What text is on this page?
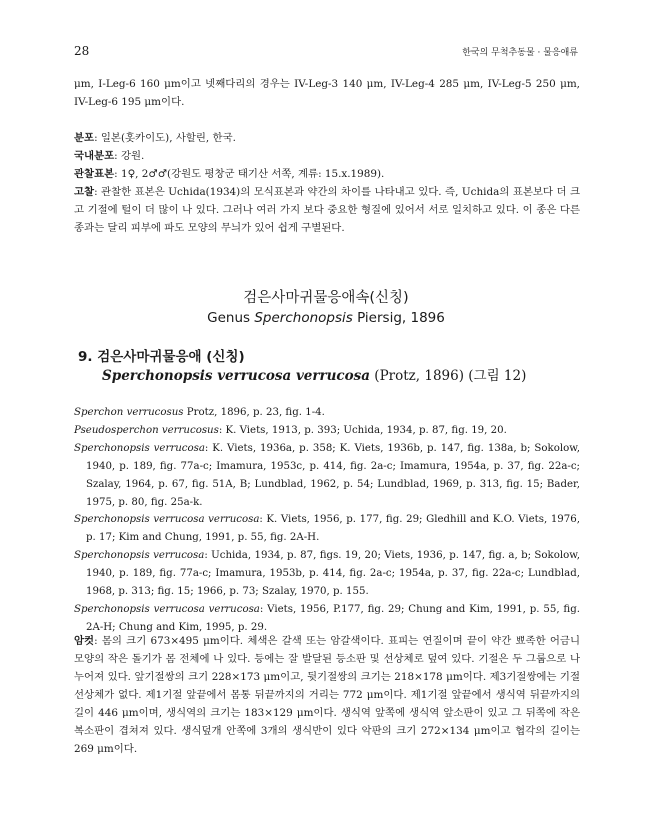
28	한국의 무척추동물 · 물응애류

μm, I-Leg-6 160 μm이고 넷째다리의 경우는 IV-Leg-3 140 μm, IV-Leg-4 285 μm, IV-Leg-5 250 μm, IV-Leg-6 195 μm이다.

분포: 일본(홋카이도), 사할린, 한국.

국내분포: 강원.

관찰표본: 1♀, 2♂♂(강원도 평창군 태기산 서쪽, 계류: 15.x.1989).

고찰: 관찰한 표본은 Uchida(1934)의 모식표본과 약간의 차이를 나타내고 있다. 즉, Uchida의 표본보다 더 크고 기절에 털이 더 많이 나 있다. 그러나 여러 가지 보다 중요한 형질에 있어서 서로 일치하고 있다. 이 종은 다른 종과는 달리 피부에 파도 모양의 무늬가 있어 쉽게 구별된다.

검은사마귀물응애속(신칭)
Genus Sperchonopsis Piersig, 1896
9. 검은사마귀물응애 (신칭)
Sperchonopsis verrucosa verrucosa (Protz, 1896) (그림 12)

Sperchon verrucosus Protz, 1896, p. 23, fig. 1-4.

Pseudosperchon verrucosus: K. Viets, 1913, p. 393; Uchida, 1934, p. 87, fig. 19, 20.

Sperchonopsis verrucosa: K. Viets, 1936a, p. 358; K. Viets, 1936b, p. 147, fig. 138a, b; Sokolow, 1940, p. 189, fig. 77a-c; Imamura, 1953c, p. 414, fig. 2a-c; Imamura, 1954a, p. 37, fig. 22a-c; Szalay, 1964, p. 67, fig. 51A, B; Lundblad, 1962, p. 54; Lundblad, 1969, p. 313, fig. 15; Bader, 1975, p. 80, fig. 25a-k.

Sperchonopsis verrucosa verrucosa: K. Viets, 1956, p. 177, fig. 29; Gledhill and K.O. Viets, 1976, p. 17; Kim and Chung, 1991, p. 55, fig. 2A-H.

Sperchonopsis verrucosa: Uchida, 1934, p. 87, figs. 19, 20; Viets, 1936, p. 147, fig. a, b; Sokolow, 1940, p. 189, fig. 77a-c; Imamura, 1953b, p. 414, fig. 2a-c; 1954a, p. 37, fig. 22a-c; Lundblad, 1968, p. 313; fig. 15; 1966, p. 73; Szalay, 1970, p. 155.

Sperchonopsis verrucosa verrucosa: Viets, 1956, P.177, fig. 29; Chung and Kim, 1991, p. 55, fig. 2A-H; Chung and Kim, 1995, p. 29.

암컷: 몸의 크기 673×495 μm이다. 체색은 갈색 또는 암갈색이다. 표피는 연질이며 끝이 약간 뾰족한 어금니 모양의 작은 돌기가 몸 전체에 나 있다. 등에는 잘 발달된 등소판 및 선상체로 덮여 있다. 기절은 두 그룹으로 나누어져 있다. 앞기절쌍의 크기 228×173 μm이고, 뒷기절쌍의 크기는 218×178 μm이다. 제3기절쌍에는 기절선상체가 없다. 제1기절 앞끝에서 몸통 뒤끝까지의 거리는 772 μm이다. 제1기절 앞끝에서 생식역 뒤끝까지의 길이 446 μm이며, 생식역의 크기는 183×129 μm이다. 생식역 앞쪽에 생식역 앞소판이 있고 그 뒤쪽에 작은 복소판이 겹쳐져 있다. 생식덮개 안쪽에 3개의 생식반이 있다 악판의 크기 272×134 μm이고 협각의 길이는 269 μm이다.
